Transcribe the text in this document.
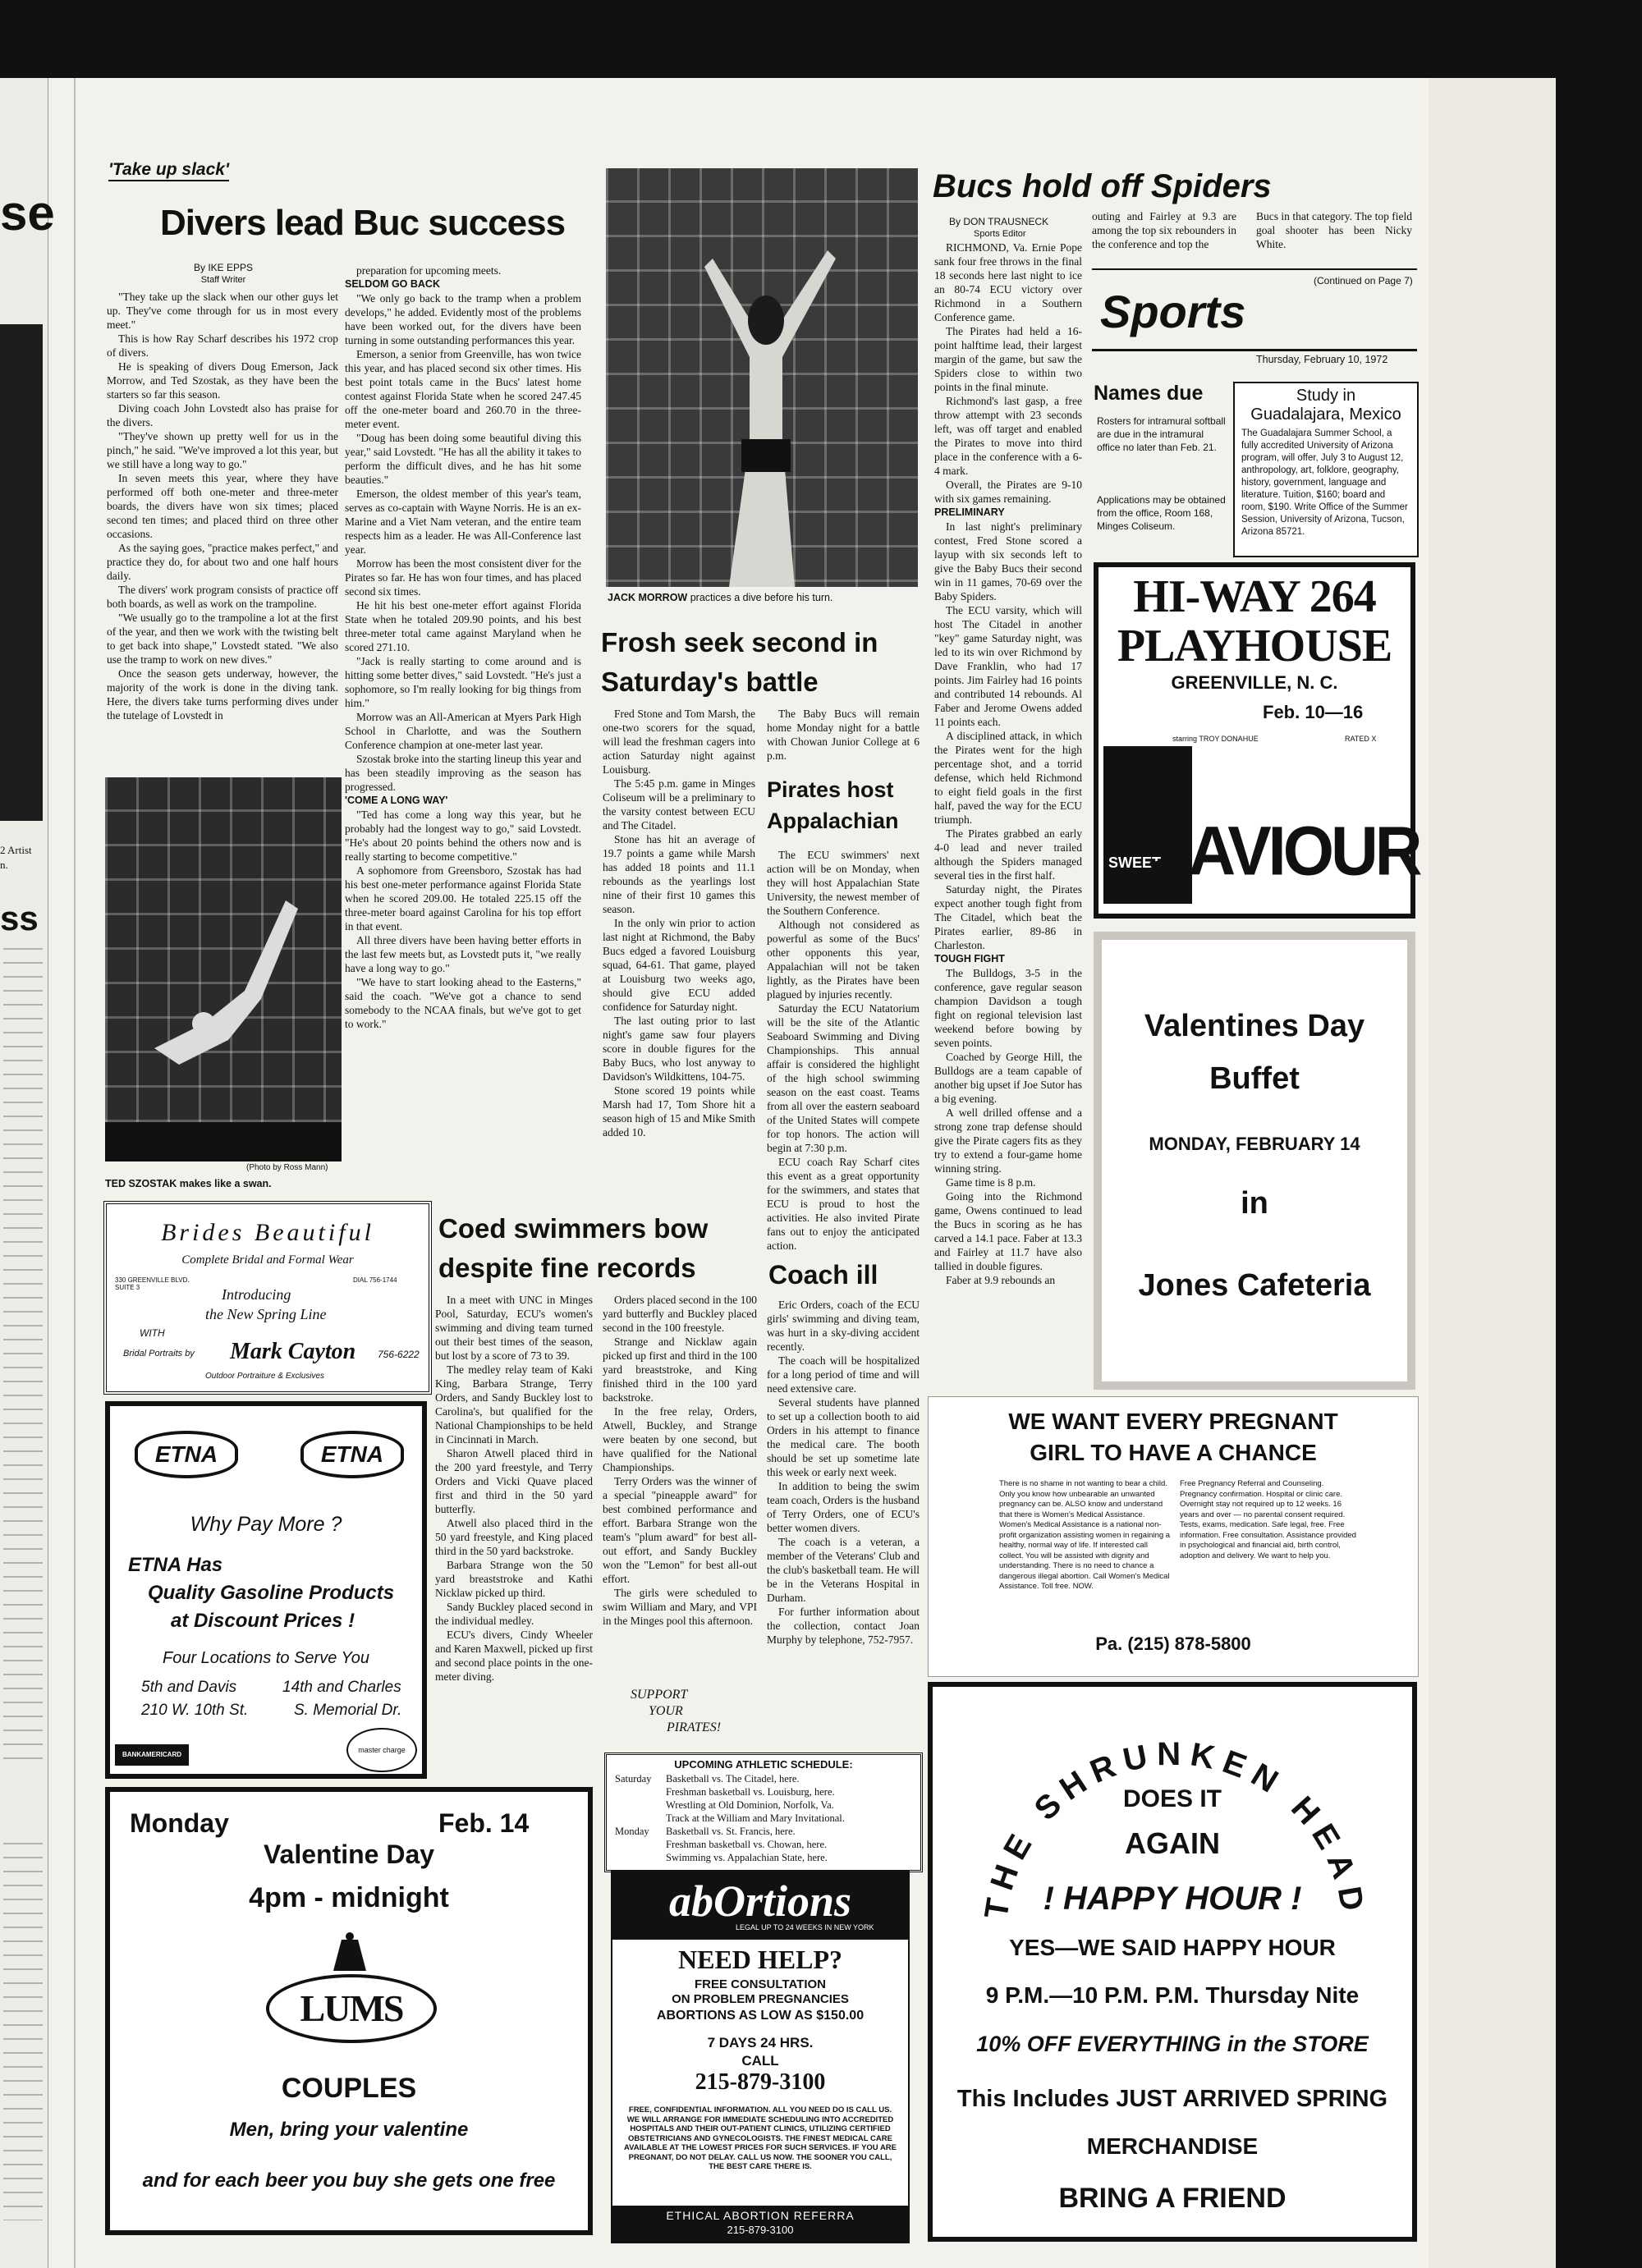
se
2 Artist
n.
ss
'Take up slack'
Divers lead Buc success
By IKE EPPS
Staff Writer

"They take up the slack when our other guys let up. They've come through for us in most every meet."

This is how Ray Scharf describes his 1972 crop of divers.

He is speaking of divers Doug Emerson, Jack Morrow, and Ted Szostak, as they have been the starters so far this season.

Diving coach John Lovstedt also has praise for the divers.

"They've shown up pretty well for us in the pinch," he said. "We've improved a lot this year, but we still have a long way to go."

In seven meets this year, where they have performed off both one-meter and three-meter boards, the divers have won six times; placed second ten times; and placed third on three other occasions.

As the saying goes, "practice makes perfect," and practice they do, for about two and one half hours daily.

The divers' work program consists of practice off both boards, as well as work on the trampoline.

"We usually go to the trampoline a lot at the first of the year, and then we work with the twisting belt to get back into shape," Lovstedt stated. "We also use the tramp to work on new dives."

Once the season gets underway, however, the majority of the work is done in the diving tank. Here, the divers take turns performing dives under the tutelage of Lovstedt in

preparation for upcoming meets.

SELDOM GO BACK

"We only go back to the tramp when a problem develops," he added. Evidently most of the problems have been worked out, for the divers have been turning in some outstanding performances this year.

Emerson, a senior from Greenville, has won twice this year, and has placed second six other times. His best point totals came in the Bucs' latest home contest against Florida State when he scored 247.45 off the one-meter board and 260.70 in the three-meter event.

"Doug has been doing some beautiful diving this year," said Lovstedt. "He has all the ability it takes to perform the difficult dives, and he has hit some beauties."

Emerson, the oldest member of this year's team, serves as co-captain with Wayne Norris. He is an ex-Marine and a Viet Nam veteran, and the entire team respects him as a leader. He was All-Conference last year.

Morrow has been the most consistent diver for the Pirates so far. He has won four times, and has placed second six times.

He hit his best one-meter effort against Florida State when he totaled 209.90 points, and his best three-meter total came against Maryland when he scored 271.10.

"Jack is really starting to come around and is hitting some better dives," said Lovstedt. "He's just a sophomore, so I'm really looking for big things from him."

Morrow was an All-American at Myers Park High School in Charlotte, and was the Southern Conference champion at one-meter last year.

Szostak broke into the starting lineup this year and has been steadily improving as the season has progressed.

'COME A LONG WAY'

"Ted has come a long way this year, but he probably had the longest way to go," said Lovstedt. "He's about 20 points behind the others now and is really starting to become competitive."

A sophomore from Greensboro, Szostak has had his best one-meter performance against Florida State when he scored 209.00. He totaled 225.15 off the three-meter board against Carolina for his top effort in that event.

All three divers have been having better efforts in the last few meets but, as Lovstedt puts it, "we really have a long way to go."

"We have to start looking ahead to the Easterns," said the coach. "We've got a chance to send somebody to the NCAA finals, but we've got to get to work."

(Photo by Ross Mann)
TED SZOSTAK makes like a swan.
Brides Beautiful
Complete Bridal and Formal Wear
330 GREENVILLE BLVD. SUITE 3
DIAL 756-1744
Introducing
the New Spring Line
WITH
Bridal Portraits by Mark Cayton 756-6222
Outdoor Portraiture & Exclusives
ETNA	ETNA
Why Pay More ?
ETNA Has
Quality Gasoline Products
at Discount Prices !
Four Locations to Serve You
5th and Davis	14th and Charles
210 W. 10th St.	S. Memorial Dr.
BANKAMERICARD
master charge
Monday	Feb. 14
Valentine Day
4pm - midnight
LUMS
COUPLES
Men, bring your valentine
and for each beer you buy she gets one free
JACK MORROW practices a dive before his turn.
Frosh seek second in Saturday's battle

Fred Stone and Tom Marsh, the one-two scorers for the squad, will lead the freshman cagers into action Saturday night against Louisburg.

The 5:45 p.m. game in Minges Coliseum will be a preliminary to the varsity contest between ECU and The Citadel.

Stone has hit an average of 19.7 points a game while Marsh has added 18 points and 11.1 rebounds as the yearlings lost nine of their first 10 games this season.

In the only win prior to action last night at Richmond, the Baby Bucs edged a favored Louisburg squad, 64-61. That game, played at Louisburg two weeks ago, should give ECU added confidence for Saturday night.

The last outing prior to last night's game saw four players score in double figures for the Baby Bucs, who lost anyway to Davidson's Wildkittens, 104-75.

Stone scored 19 points while Marsh had 17, Tom Shore hit a season high of 15 and Mike Smith added 10.

The Baby Bucs will remain home Monday night for a battle with Chowan Junior College at 6 p.m.

Pirates host Appalachian

The ECU swimmers' next action will be on Monday, when they will host Appalachian State University, the newest member of the Southern Conference.

Although not considered as powerful as some of the Bucs' other opponents this year, Appalachian will not be taken lightly, as the Pirates have been plagued by injuries recently.

Saturday the ECU Natatorium will be the site of the Atlantic Seaboard Swimming and Diving Championships. This annual affair is considered the highlight of the high school swimming season on the east coast. Teams from all over the eastern seaboard of the United States will compete for top honors. The action will begin at 7:30 p.m.

ECU coach Ray Scharf cites this event as a great opportunity for the swimmers, and states that ECU is proud to host the activities. He also invited Pirate fans out to enjoy the anticipated action.

Coed swimmers bow despite fine records

In a meet with UNC in Minges Pool, Saturday, ECU's women's swimming and diving team turned out their best times of the season, but lost by a score of 73 to 39.

The medley relay team of Kaki King, Barbara Strange, Terry Orders, and Sandy Buckley lost to Carolina's, but qualified for the National Championships to be held in Cincinnati in March.

Sharon Atwell placed third in the 200 yard freestyle, and Terry Orders and Vicki Quave placed first and third in the 50 yard butterfly.

Atwell also placed third in the 50 yard freestyle, and King placed third in the 50 yard backstroke.

Barbara Strange won the 50 yard breaststroke and Kathi Nicklaw picked up third.

Sandy Buckley placed second in the individual medley.

ECU's divers, Cindy Wheeler and Karen Maxwell, picked up first and second place points in the one-meter diving.

Orders placed second in the 100 yard butterfly and Buckley placed second in the 100 freestyle.

Strange and Nicklaw again picked up first and third in the 100 yard breaststroke, and King finished third in the 100 yard backstroke.

In the free relay, Orders, Atwell, Buckley, and Strange were beaten by one second, but have qualified for the National Championships.

Terry Orders was the winner of a special "pineapple award" for best combined performance and effort. Barbara Strange won the team's "plum award" for best all-out effort, and Sandy Buckley won the "Lemon" for best all-out effort.

The girls were scheduled to swim William and Mary, and VPI in the Minges pool this afternoon.

SUPPORT
YOUR
PIRATES!
Coach ill

Eric Orders, coach of the ECU girls' swimming and diving team, was hurt in a sky-diving accident recently.

The coach will be hospitalized for a long period of time and will need extensive care.

Several students have planned to set up a collection booth to aid Orders in his attempt to finance the medical care. The booth should be set up sometime late this week or early next week.

In addition to being the swim team coach, Orders is the husband of Terry Orders, one of ECU's better women divers.

The coach is a veteran, a member of the Veterans' Club and the club's basketball team. He will be in the Veterans Hospital in Durham.

For further information about the collection, contact Joan Murphy by telephone, 752-7957.

UPCOMING ATHLETIC SCHEDULE:
Saturday	Basketball vs. The Citadel, here.
Freshman basketball vs. Louisburg, here.
Wrestling at Old Dominion, Norfolk, Va.
Track at the William and Mary Invitational.
Monday	Basketball vs. St. Francis, here.
Freshman basketball vs. Chowan, here.
Swimming vs. Appalachian State, here.
abOrtions
LEGAL UP TO 24 WEEKS IN NEW YORK
NEED HELP?
FREE CONSULTATION
ON PROBLEM PREGNANCIES
ABORTIONS AS LOW AS $150.00
7 DAYS 24 HRS.
CALL
215-879-3100
FREE, CONFIDENTIAL INFORMATION. ALL YOU NEED DO IS CALL US. WE WILL ARRANGE FOR IMMEDIATE SCHEDULING INTO ACCREDITED HOSPITALS AND THEIR OUT-PATIENT CLINICS, UTILIZING CERTIFIED OBSTETRICIANS AND GYNECOLOGISTS. THE FINEST MEDICAL CARE AVAILABLE AT THE LOWEST PRICES FOR SUCH SERVICES. IF YOU ARE PREGNANT, DO NOT DELAY. CALL US NOW. THE SOONER YOU CALL, THE BEST CARE THERE IS.
ETHICAL ABORTION REFERRA
215-879-3100
Bucs hold off Spiders
By DON TRAUSNECK
Sports Editor

RICHMOND, Va. Ernie Pope sank four free throws in the final 18 seconds here last night to ice an 80-74 ECU victory over Richmond in a Southern Conference game.

The Pirates had held a 16-point halftime lead, their largest margin of the game, but saw the Spiders close to within two points in the final minute.

Richmond's last gasp, a free throw attempt with 23 seconds left, was off target and enabled the Pirates to move into third place in the conference with a 6-4 mark.

Overall, the Pirates are 9-10 with six games remaining.

PRELIMINARY

In last night's preliminary contest, Fred Stone scored a layup with six seconds left to give the Baby Bucs their second win in 11 games, 70-69 over the Baby Spiders.

The ECU varsity, which will host The Citadel in another "key" game Saturday night, was led to its win over Richmond by Dave Franklin, who had 17 points. Jim Fairley had 16 points and contributed 14 rebounds. Al Faber and Jerome Owens added 11 points each.

A disciplined attack, in which the Pirates went for the high percentage shot, and a torrid defense, which held Richmond to eight field goals in the first half, paved the way for the ECU triumph.

The Pirates grabbed an early 4-0 lead and never trailed although the Spiders managed several ties in the first half.

Saturday night, the Pirates expect another tough fight from The Citadel, which beat the Pirates earlier, 89-86 in Charleston.

TOUGH FIGHT

The Bulldogs, 3-5 in the conference, gave regular season champion Davidson a tough fight on regional television last weekend before bowing by seven points.

Coached by George Hill, the Bulldogs are a team capable of another big upset if Joe Sutor has a big evening.

A well drilled offense and a strong zone trap defense should give the Pirate cagers fits as they try to extend a four-game home winning string.

Game time is 8 p.m.

Going into the Richmond game, Owens continued to lead the Bucs in scoring as he has carved a 14.1 pace. Faber at 13.3 and Fairley at 11.7 have also tallied in double figures.

Faber at 9.9 rebounds an

outing and Fairley at 9.3 are among the top six rebounders in the conference and top the

Bucs in that category. The top field goal shooter has been Nicky White.

(Continued on Page 7)
Sports
Thursday, February 10, 1972
Names due
Rosters for intramural softball are due in the intramural office no later than Feb. 21.
Applications may be obtained from the office, Room 168, Minges Coliseum.
Study in
Guadalajara, Mexico
The Guadalajara Summer School, a fully accredited University of Arizona program, will offer, July 3 to August 12, anthropology, art, folklore, geography, history, government, language and literature. Tuition, $160; board and room, $190. Write Office of the Summer Session, University of Arizona, Tucson, Arizona 85721.
HI-WAY 264
PLAYHOUSE
GREENVILLE, N. C.
Feb. 10—16
starring TROY DONAHUE	RATED X
SWEET
SAVIOUR
Valentines Day
Buffet
MONDAY, FEBRUARY 14
in
Jones Cafeteria
WE WANT EVERY PREGNANT
GIRL TO HAVE A CHANCE
There is no shame in not wanting to bear a child. Only you know how unbearable an unwanted pregnancy can be. ALSO know and understand that there is Women's Medical Assistance. Women's Medical Assistance is a national non-profit organization assisting women in regaining a healthy, normal way of life. If interested call collect. You will be assisted with dignity and understanding. There is no need to chance a dangerous illegal abortion. Call Women's Medical Assistance. Toll free. NOW.
Free Pregnancy Referral and Counseling. Pregnancy confirmation. Hospital or clinic care. Overnight stay not required up to 12 weeks. 16 years and over — no parental consent required. Tests, exams, medication. Safe legal, free. Free information. Free consultation. Assistance provided in psychological and financial aid, birth control, adoption and delivery. We want to help you.
Pa. (215) 878-5800
THE SHRUNKEN HEAD
DOES IT
AGAIN
! HAPPY HOUR !
YES—WE SAID HAPPY HOUR
9 P.M.—10 P.M. P.M. Thursday Nite
10% OFF EVERYTHING in the STORE
This Includes JUST ARRIVED SPRING
MERCHANDISE
BRING A FRIEND
